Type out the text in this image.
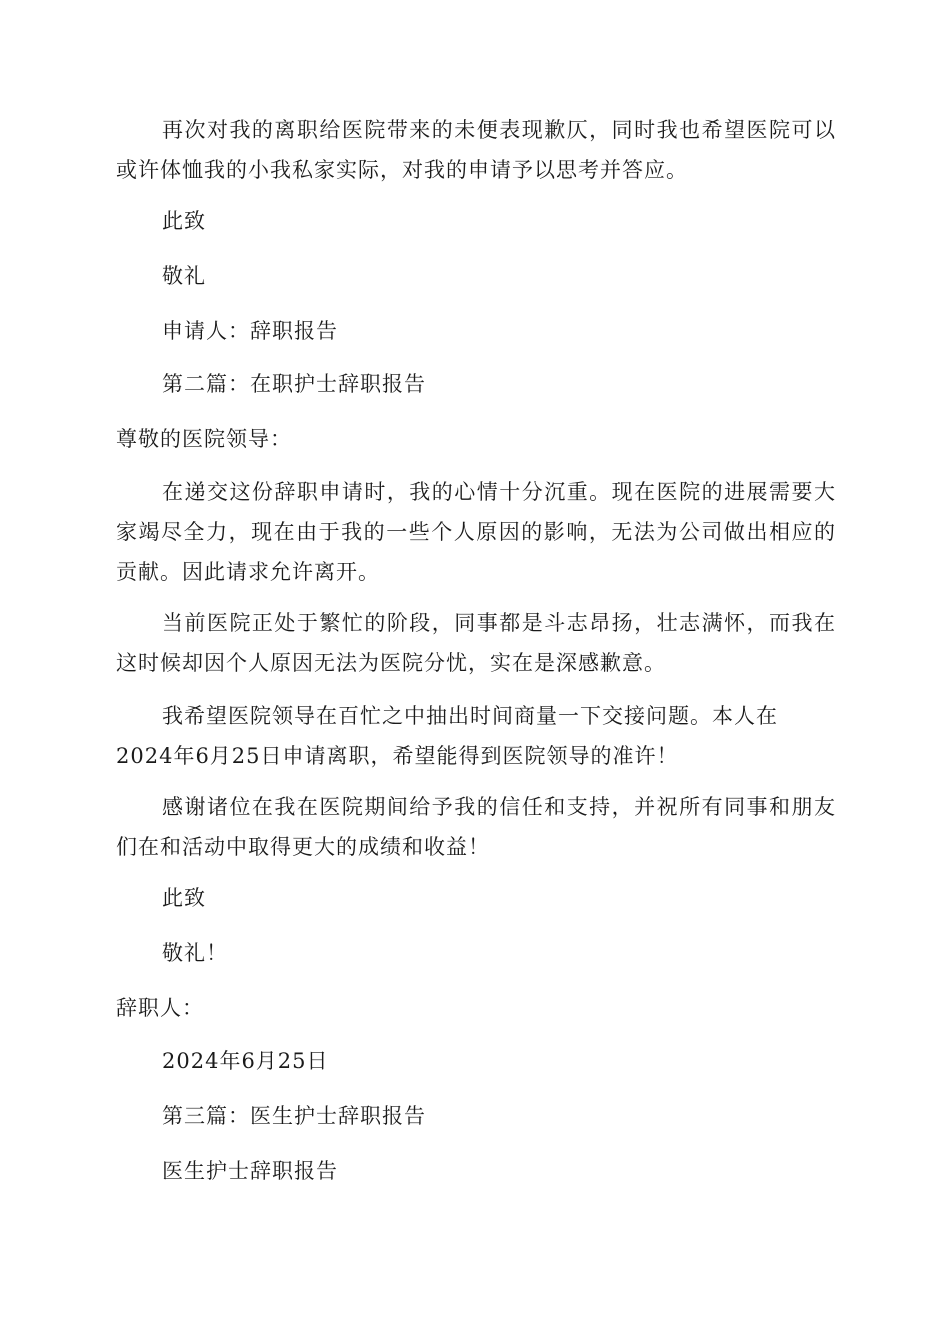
再次对我的离职给医院带来的未便表现歉仄，同时我也希望医院可以或许体恤我的小我私家实际，对我的申请予以思考并答应。

此致

敬礼

申请人：辞职报告

第二篇：在职护士辞职报告

尊敬的医院领导：

在递交这份辞职申请时，我的心情十分沉重。现在医院的进展需要大家竭尽全力，现在由于我的一些个人原因的影响，无法为公司做出相应的贡献。因此请求允许离开。

当前医院正处于繁忙的阶段，同事都是斗志昂扬，壮志满怀，而我在这时候却因个人原因无法为医院分忧，实在是深感歉意。

我希望医院领导在百忙之中抽出时间商量一下交接问题。本人在2024年6月25日申请离职，希望能得到医院领导的准许！

感谢诸位在我在医院期间给予我的信任和支持，并祝所有同事和朋友们在和活动中取得更大的成绩和收益！

此致

敬礼！

辞职人：

2024年6月25日

第三篇：医生护士辞职报告

医生护士辞职报告
